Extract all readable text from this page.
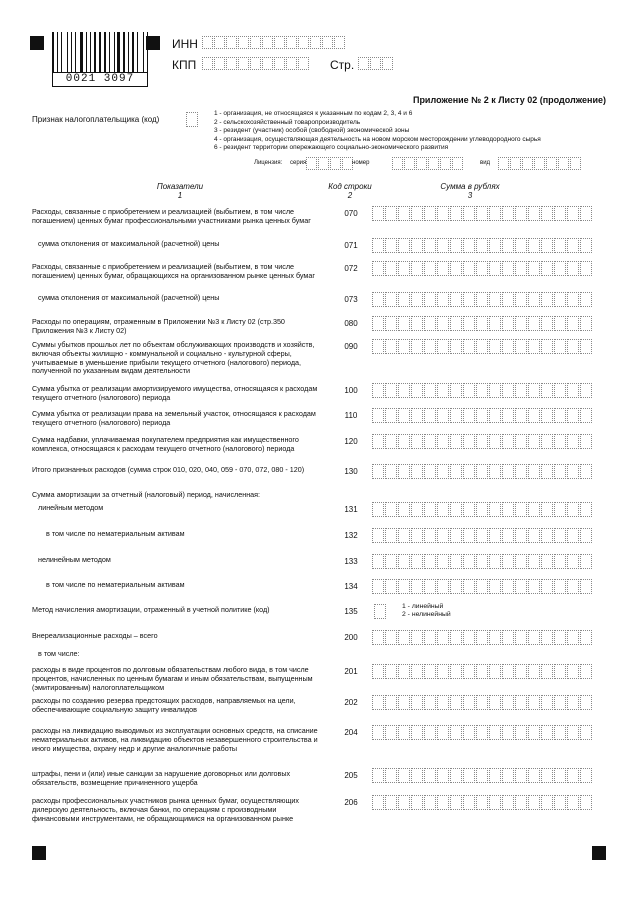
0021 3097
ИНН
КПП	Стр.
Приложение № 2 к Листу 02 (продолжение)
Признак налогоплательщика (код)
1 - организация, не относящаяся к указанным по кодам 2, 3, 4 и 6
2 - сельскохозяйственный товаропроизводитель
3 - резидент (участник) особой (свободной) экономической зоны
4 - организация, осуществляющая деятельность на новом морском месторождении углеводородного сырья
6 - резидент территории опережающего социально-экономического развития
Лицензия: серия	номер	вид
Показатели
1
Код строки
2
Сумма в рублях
3
Расходы, связанные с приобретением и реализацией (выбытием, в том числе погашением) ценных бумаг профессиональными участниками рынка ценных бумаг
070
сумма отклонения от максимальной (расчетной) цены	071
Расходы, связанные с приобретением и реализацией (выбытием, в том числе погашением) ценных бумаг, обращающихся на организованном рынке ценных бумаг
072
сумма отклонения от максимальной (расчетной) цены	073
Расходы по операциям, отраженным в Приложении №3 к Листу 02 (стр.350 Приложения №3 к Листу 02)
080
Суммы убытков прошлых лет по объектам обслуживающих производств и хозяйств, включая объекты жилищно - коммунальной и социально - культурной сферы, учитываемые в уменьшение прибыли текущего отчетного (налогового) периода, полученной по указанным видам деятельности
090
Сумма убытка от реализации амортизируемого имущества, относящаяся к расходам текущего отчетного (налогового) периода
100
Сумма убытка от реализации права на земельный участок, относящаяся к расходам текущего отчетного (налогового) периода
110
Сумма надбавки, уплачиваемая покупателем предприятия как имущественного комплекса, относящаяся к расходам текущего отчетного (налогового) периода
120
Итого признанных расходов (сумма строк 010, 020, 040, 059 - 070, 072, 080 - 120)	130
Сумма амортизации за отчетный (налоговый) период, начисленная:
линейным методом	131
в том числе по нематериальным активам	132
нелинейным методом	133
в том числе по нематериальным активам	134
Метод начисления амортизации, отраженный в учетной политике (код)	135
Внереализационные расходы – всего	200
в том числе:
расходы в виде процентов по долговым обязательствам любого вида, в том числе процентов, начисленных по ценным бумагам и иным обязательствам, выпущенным (эмитированным) налогоплательщиком
201
расходы по созданию резерва предстоящих расходов, направляемых на цели, обеспечивающие социальную защиту инвалидов
202
расходы на ликвидацию выводимых из эксплуатации основных средств, на списание нематериальных активов, на ликвидацию объектов незавершенного строительства и иного имущества, охрану недр и другие аналогичные работы
204
штрафы, пени и (или) иные санкции за нарушение договорных или долговых обязательств, возмещение причиненного ущерба
205
расходы профессиональных участников рынка ценных бумаг, осуществляющих дилерскую деятельность, включая банки, по операциям с производными финансовыми инструментами, не обращающимися на организованном рынке
206
1 - линейный
2 - нелинейный
